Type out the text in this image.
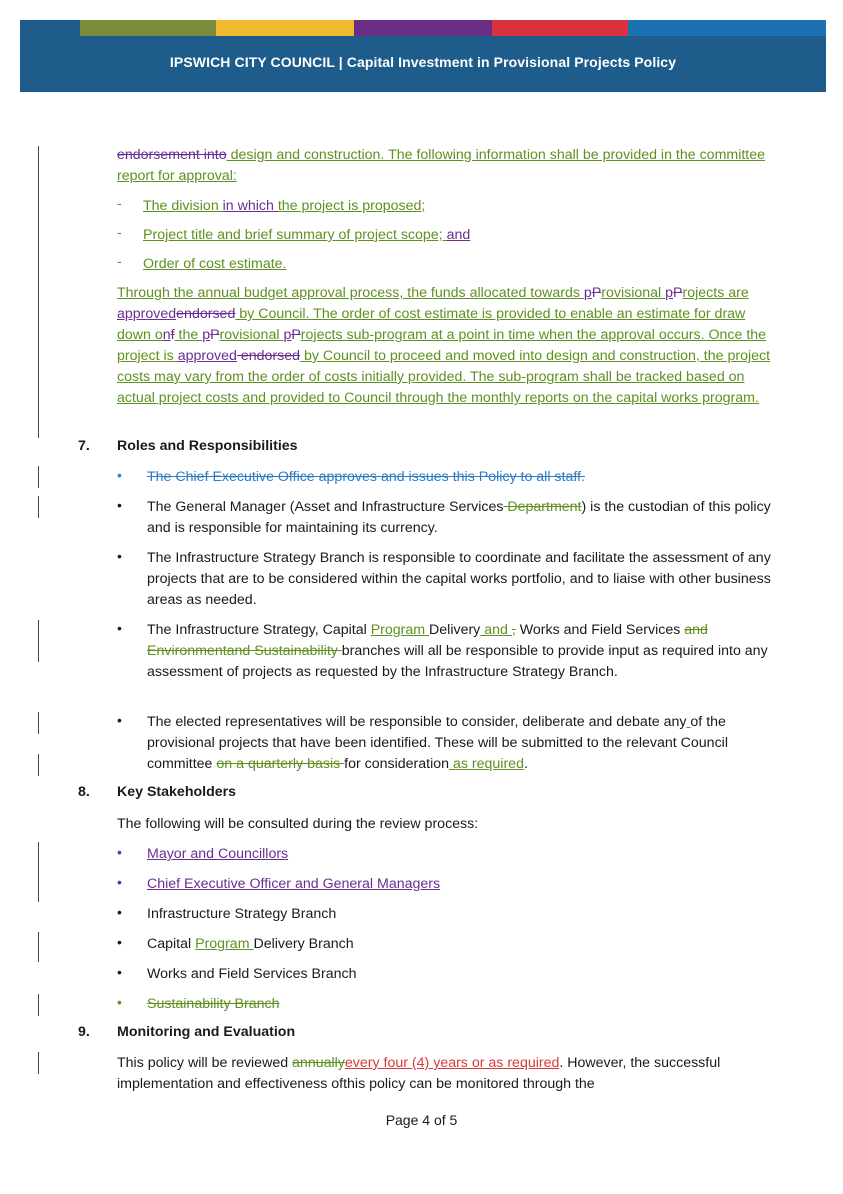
IPSWICH CITY COUNCIL | Capital Investment in Provisional Projects Policy
endorsement into design and construction. The following information shall be provided in the committee report for approval:
- The division in which the project is proposed;
- Project title and brief summary of project scope; and
- Order of cost estimate.
Through the annual budget approval process, the funds allocated towards pProvisional pProjects are approvedendorsed by Council. The order of cost estimate is provided to enable an estimate for draw down onf the pProvisional pProjects sub-program at a point in time when the approval occurs. Once the project is approved endorsed by Council to proceed and moved into design and construction, the project costs may vary from the order of costs initially provided. The sub-program shall be tracked based on actual project costs and provided to Council through the monthly reports on the capital works program.
7. Roles and Responsibilities
• The Chief Executive Office approves and issues this Policy to all staff.
• The General Manager (Asset and Infrastructure Services Department) is the custodian of this policy and is responsible for maintaining its currency.
• The Infrastructure Strategy Branch is responsible to coordinate and facilitate the assessment of any projects that are to be considered within the capital works portfolio, and to liaise with other business areas as needed.
• The Infrastructure Strategy, Capital Program Delivery and , Works and Field Services and Environmentand Sustainability branches will all be responsible to provide input as required into any assessment of projects as requested by the Infrastructure Strategy Branch.
• The elected representatives will be responsible to consider, deliberate and debate any of the provisional projects that have been identified. These will be submitted to the relevant Council committee on a quarterly basis for consideration as required.
8. Key Stakeholders
The following will be consulted during the review process:
• Mayor and Councillors
• Chief Executive Officer and General Managers
• Infrastructure Strategy Branch
• Capital Program Delivery Branch
• Works and Field Services Branch
• Sustainability Branch
9. Monitoring and Evaluation
This policy will be reviewed annuallyevery four (4) years or as required. However, the successful implementation and effectiveness ofthis policy can be monitored through the
Page 4 of 5
